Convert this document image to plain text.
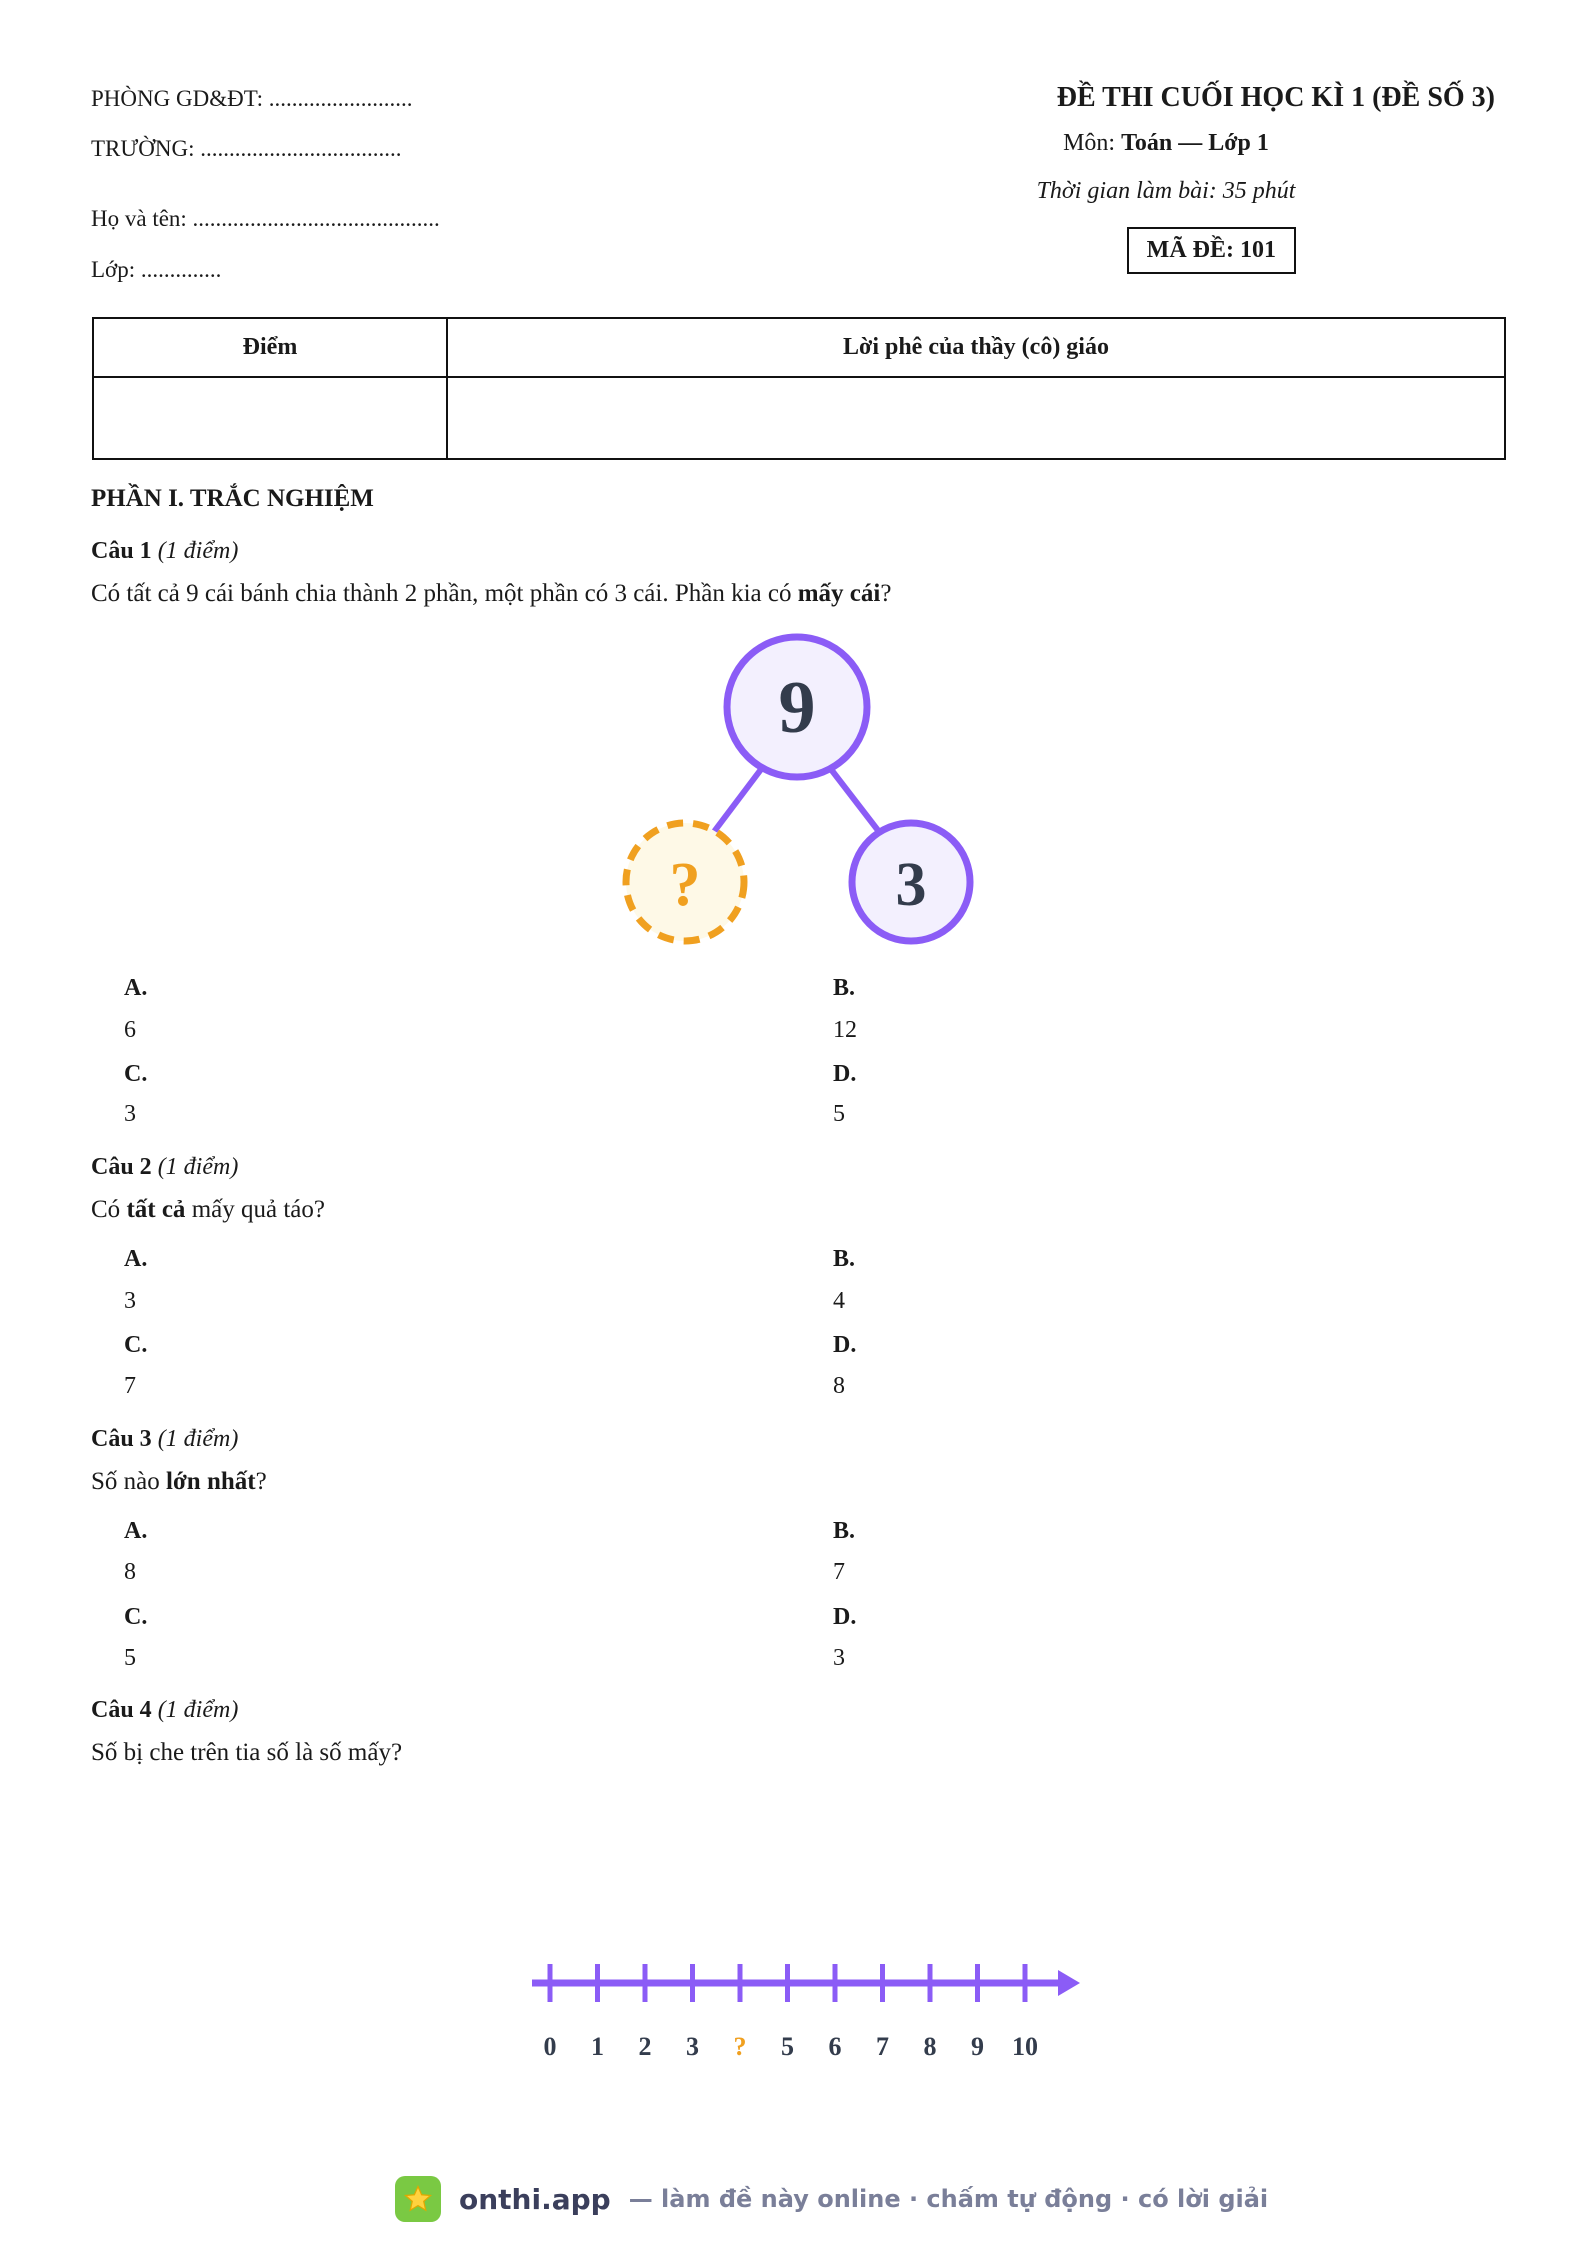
PHÒNG GD&ĐT: .........................
TRƯỜNG: ...................................
Họ và tên: ...........................................
Lớp: ..............
ĐỀ THI CUỐI HỌC KÌ 1 (ĐỀ SỐ 3)
Môn: Toán — Lớp 1
Thời gian làm bài: 35 phút
MÃ ĐỀ: 101
Điểm	Lời phê của thầy (cô) giáo

PHẦN I. TRẮC NGHIỆM
Câu 1 (1 điểm)
Có tất cả 9 cái bánh chia thành 2 phần, một phần có 3 cái. Phần kia có mấy cái?
9
?	3
A.
6
B.
12
C.
3
D.
5
Câu 2 (1 điểm)
Có tất cả mấy quả táo?
A.
3
B.
4
C.
7
D.
8
Câu 3 (1 điểm)
Số nào lớn nhất?
A.
8
B.
7
C.
5
D.
3
Câu 4 (1 điểm)
Số bị che trên tia số là số mấy?
0 1 2 3 ? 5 6 7 8 9 10
onthi.app — làm đề này online · chấm tự động · có lời giải
